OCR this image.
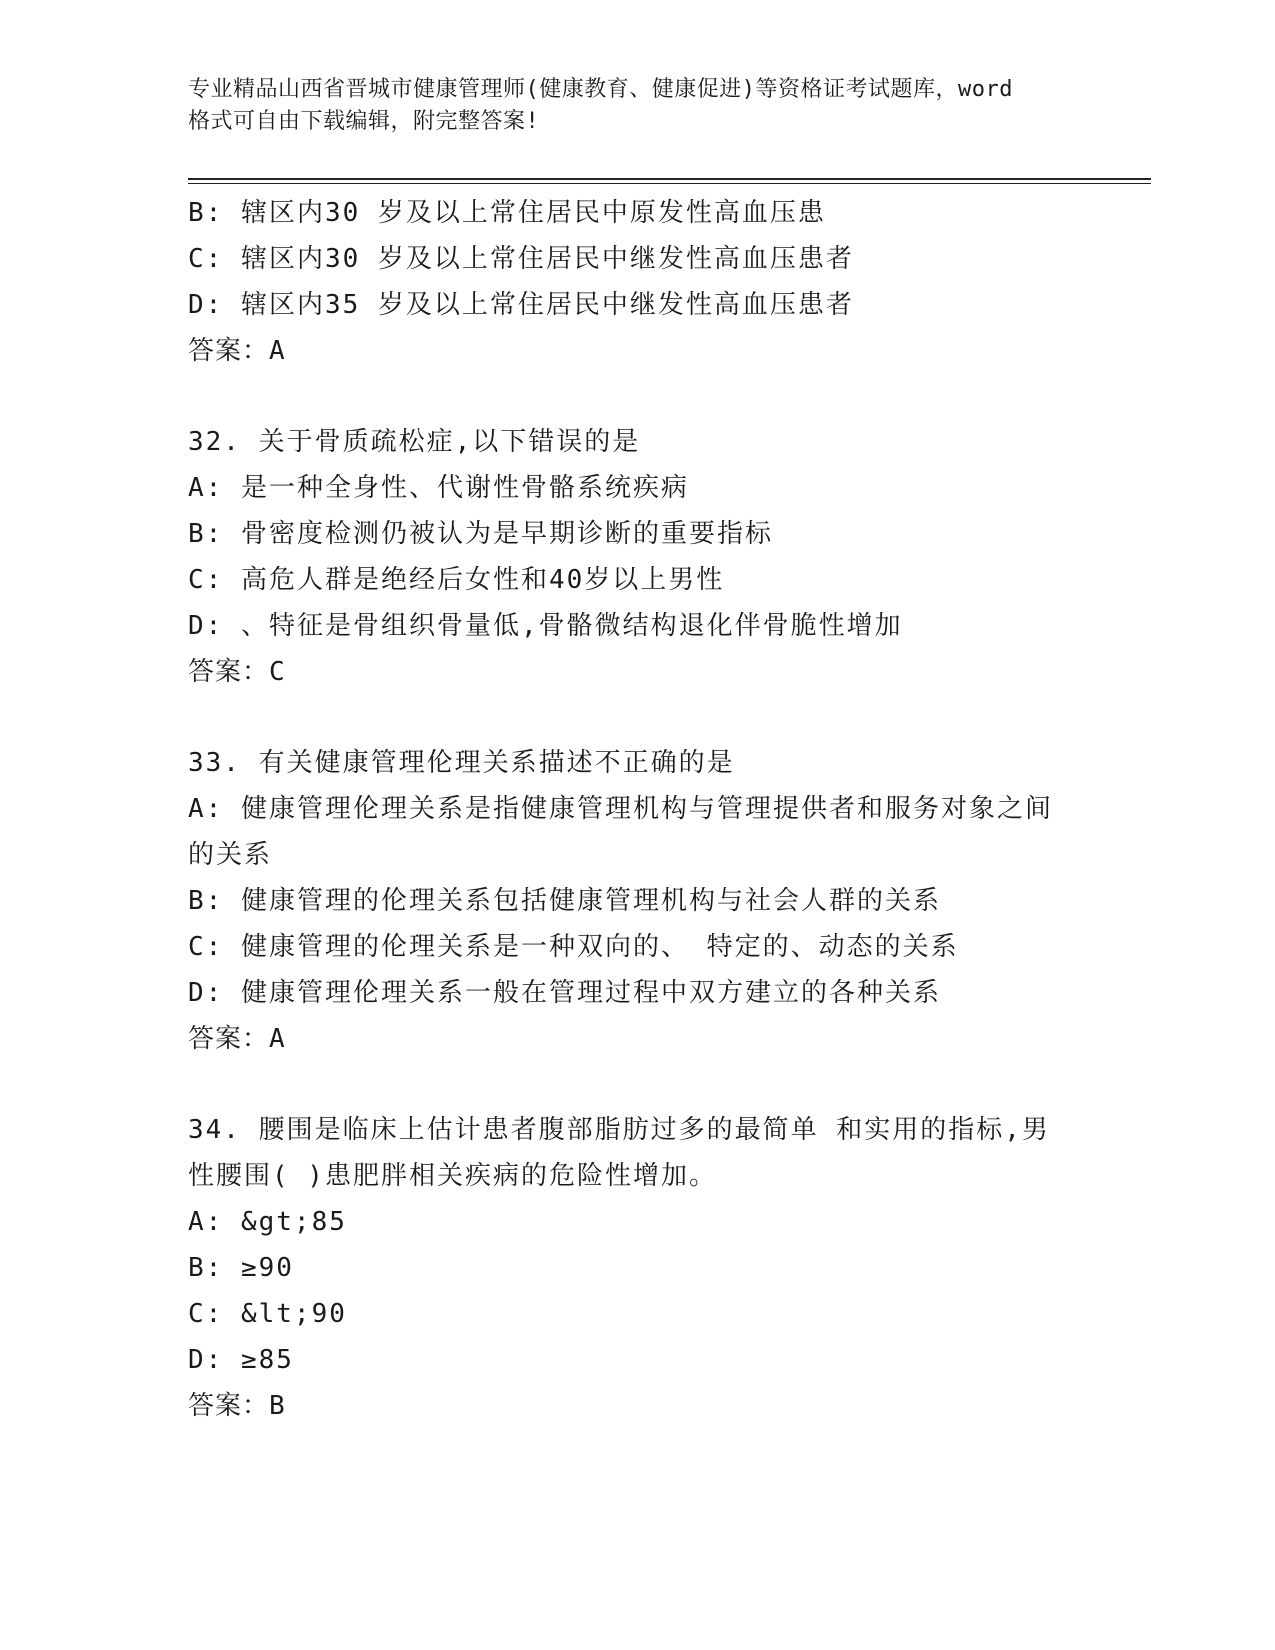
专业精品山西省晋城市健康管理师(健康教育、健康促进)等资格证考试题库，word
格式可自由下载编辑，附完整答案!
B: 辖区内30 岁及以上常住居民中原发性高血压患
C: 辖区内30 岁及以上常住居民中继发性高血压患者
D: 辖区内35 岁及以上常住居民中继发性高血压患者
答案：A
32. 关于骨质疏松症,以下错误的是
A: 是一种全身性、代谢性骨骼系统疾病
B: 骨密度检测仍被认为是早期诊断的重要指标
C: 高危人群是绝经后女性和40岁以上男性
D: 、特征是骨组织骨量低,骨骼微结构退化伴骨脆性增加
答案：C
33. 有关健康管理伦理关系描述不正确的是
A: 健康管理伦理关系是指健康管理机构与管理提供者和服务对象之间
的关系
B: 健康管理的伦理关系包括健康管理机构与社会人群的关系
C: 健康管理的伦理关系是一种双向的、 特定的、动态的关系
D: 健康管理伦理关系一般在管理过程中双方建立的各种关系
答案：A
34. 腰围是临床上估计患者腹部脂肪过多的最简单 和实用的指标,男
性腰围( )患肥胖相关疾病的危险性增加。
A: &gt;85
B: ≥90
C: &lt;90
D: ≥85
答案：B
